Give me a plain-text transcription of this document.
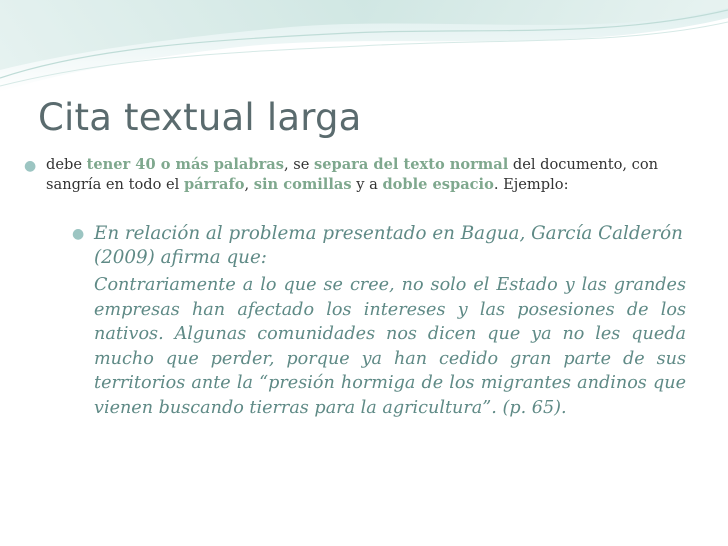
Cita textual larga
● debe tener 40 o más palabras, se separa del texto normal del documento, con sangría en todo el párrafo, sin comillas y a doble espacio. Ejemplo:
● En relación al problema presentado en Bagua, García Calderón (2009) afirma que:

Contrariamente a lo que se cree, no solo el Estado y las grandes empresas han afectado los intereses y las posesiones de los nativos. Algunas comunidades nos dicen que ya no les queda mucho que perder, porque ya han cedido gran parte de sus territorios ante la “presión hormiga de los migrantes andinos que vienen buscando tierras para la agricultura”. (p. 65).
